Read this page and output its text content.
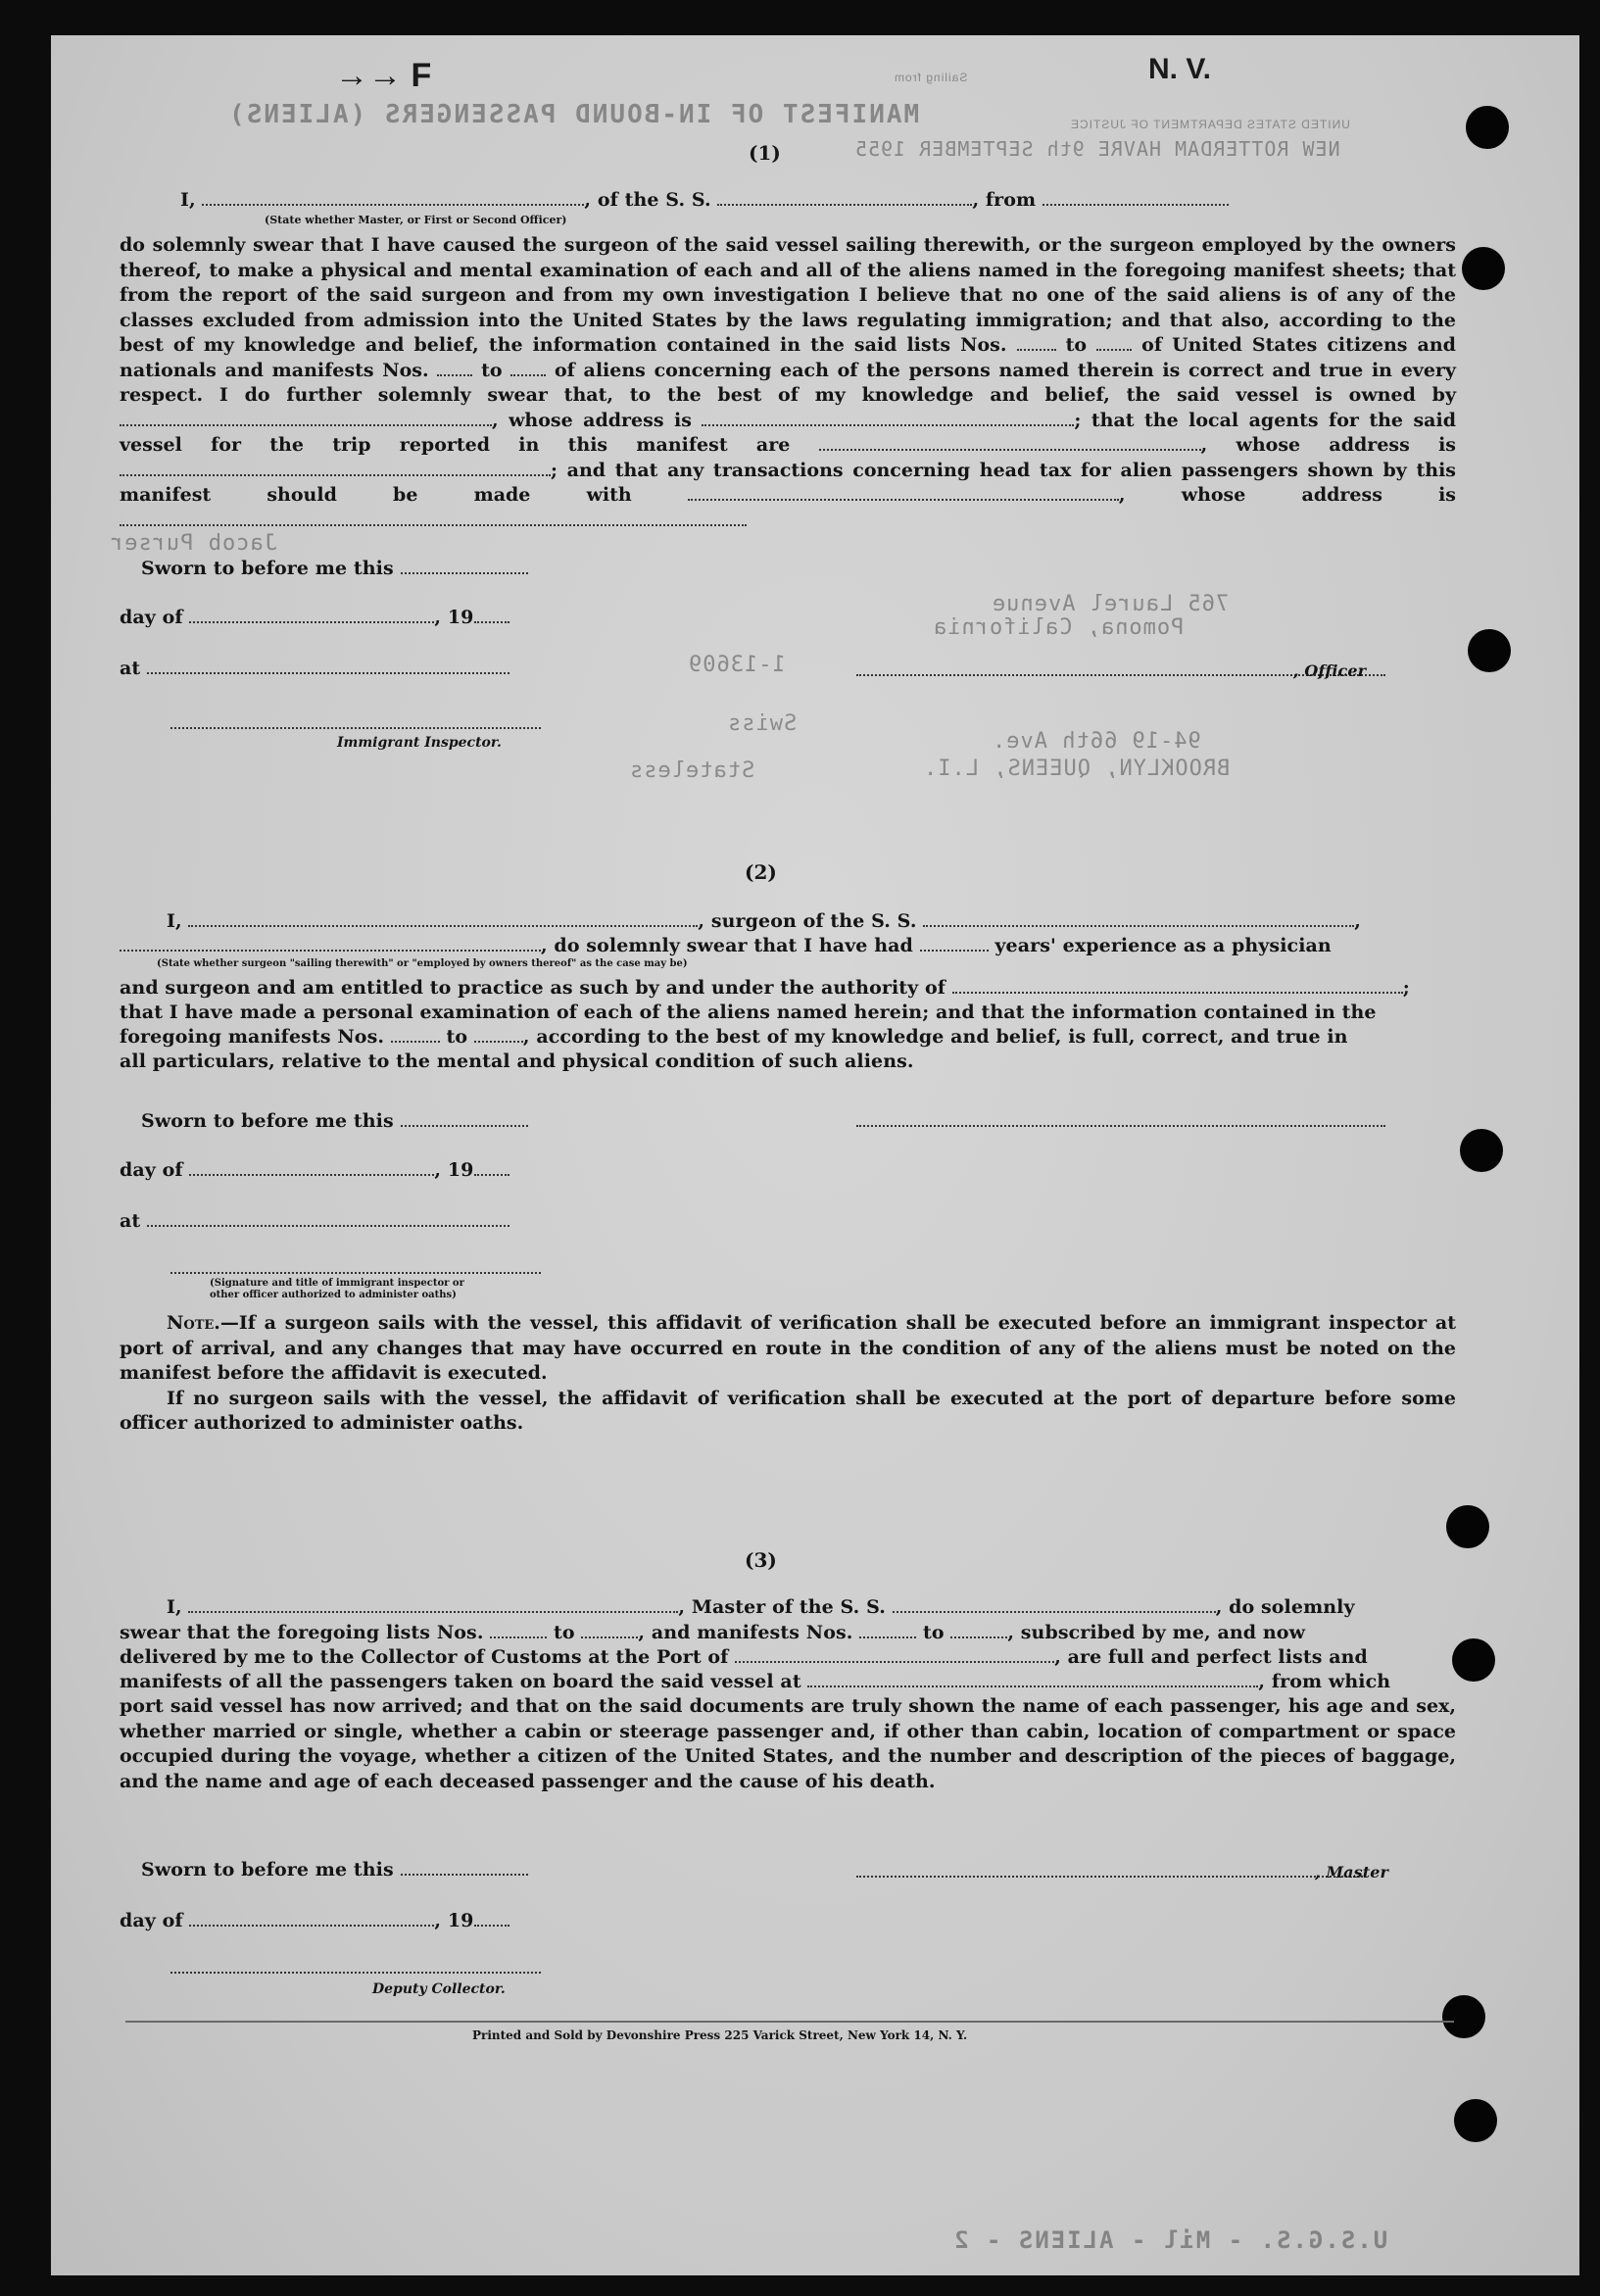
→→ F	N. V.
Sailing from
MANIFEST OF IN-BOUND PASSENGERS (ALIENS)	UNITED STATES DEPARTMENT OF JUSTICE
NEW ROTTERDAM HAVRE 9th SEPTEMBER 1955
Jacob Purser
765 Laurel Avenue
Pomona, California
1-13609
Swiss
94-19 66th Ave.
BROOKLYN, QUEENS, L.I.
Stateless
U.S.G.S. - Mil - ALIENS - 2
(1)
I,	, of the S. S.	, from
(State whether Master, or First or Second Officer)

do solemnly swear that I have caused the surgeon of the said vessel sailing therewith, or the surgeon employed by the owners thereof, to make a physical and mental examination of each and all of the aliens named in the foregoing manifest sheets; that from the report of the said surgeon and from my own investigation I believe that no one of the said aliens is of any of the classes excluded from admission into the United States by the laws regulating immigration; and that also, according to the best of my knowledge and belief, the information contained in the said lists Nos.	to	of United States citizens and nationals and manifests Nos.	to	of aliens concerning each of the persons named therein is correct and true in every respect. I do further solemnly swear that, to the best of my knowledge and belief, the said vessel is owned by , whose address is	; that the local agents for the said vessel for the trip reported in this manifest are	, whose address is ; and that any transactions concerning head tax for alien passengers shown by this manifest should be made with	, whose address is

Sworn to before me this
day of	, 19
at	, Officer
Immigrant Inspector.
(2)
I,	, surgeon of the S. S.	,
, do solemnly swear that I have had	years' experience as a physician
(State whether surgeon "sailing therewith" or "employed by owners thereof" as the case may be)
and surgeon and am entitled to practice as such by and under the authority of	;
that I have made a personal examination of each of the aliens named herein; and that the information contained in the
foregoing manifests Nos.	to	, according to the best of my knowledge and belief, is full, correct, and true in
all particulars, relative to the mental and physical condition of such aliens.
Sworn to before me this
day of	, 19
at
(Signature and title of immigrant inspector or
other officer authorized to administer oaths)

Note.—If a surgeon sails with the vessel, this affidavit of verification shall be executed before an immigrant inspector at port of arrival, and any changes that may have occurred en route in the condition of any of the aliens must be noted on the manifest before the affidavit is executed.

If no surgeon sails with the vessel, the affidavit of verification shall be executed at the port of departure before some officer authorized to administer oaths.

(3)
I,	, Master of the S. S.	, do solemnly
swear that the foregoing lists Nos.	to	, and manifests Nos.	to	, subscribed by me, and now
delivered by me to the Collector of Customs at the Port of	, are full and perfect lists and
manifests of all the passengers taken on board the said vessel at	, from which
port said vessel has now arrived; and that on the said documents are truly shown the name of each passenger, his age and sex, whether married or single, whether a cabin or steerage passenger and, if other than cabin, location of compartment or space occupied during the voyage, whether a citizen of the United States, and the number and description of the pieces of baggage, and the name and age of each deceased passenger and the cause of his death.
Sworn to before me this	, Master
day of	, 19
Deputy Collector.
Printed and Sold by Devonshire Press 225 Varick Street, New York 14, N. Y.
